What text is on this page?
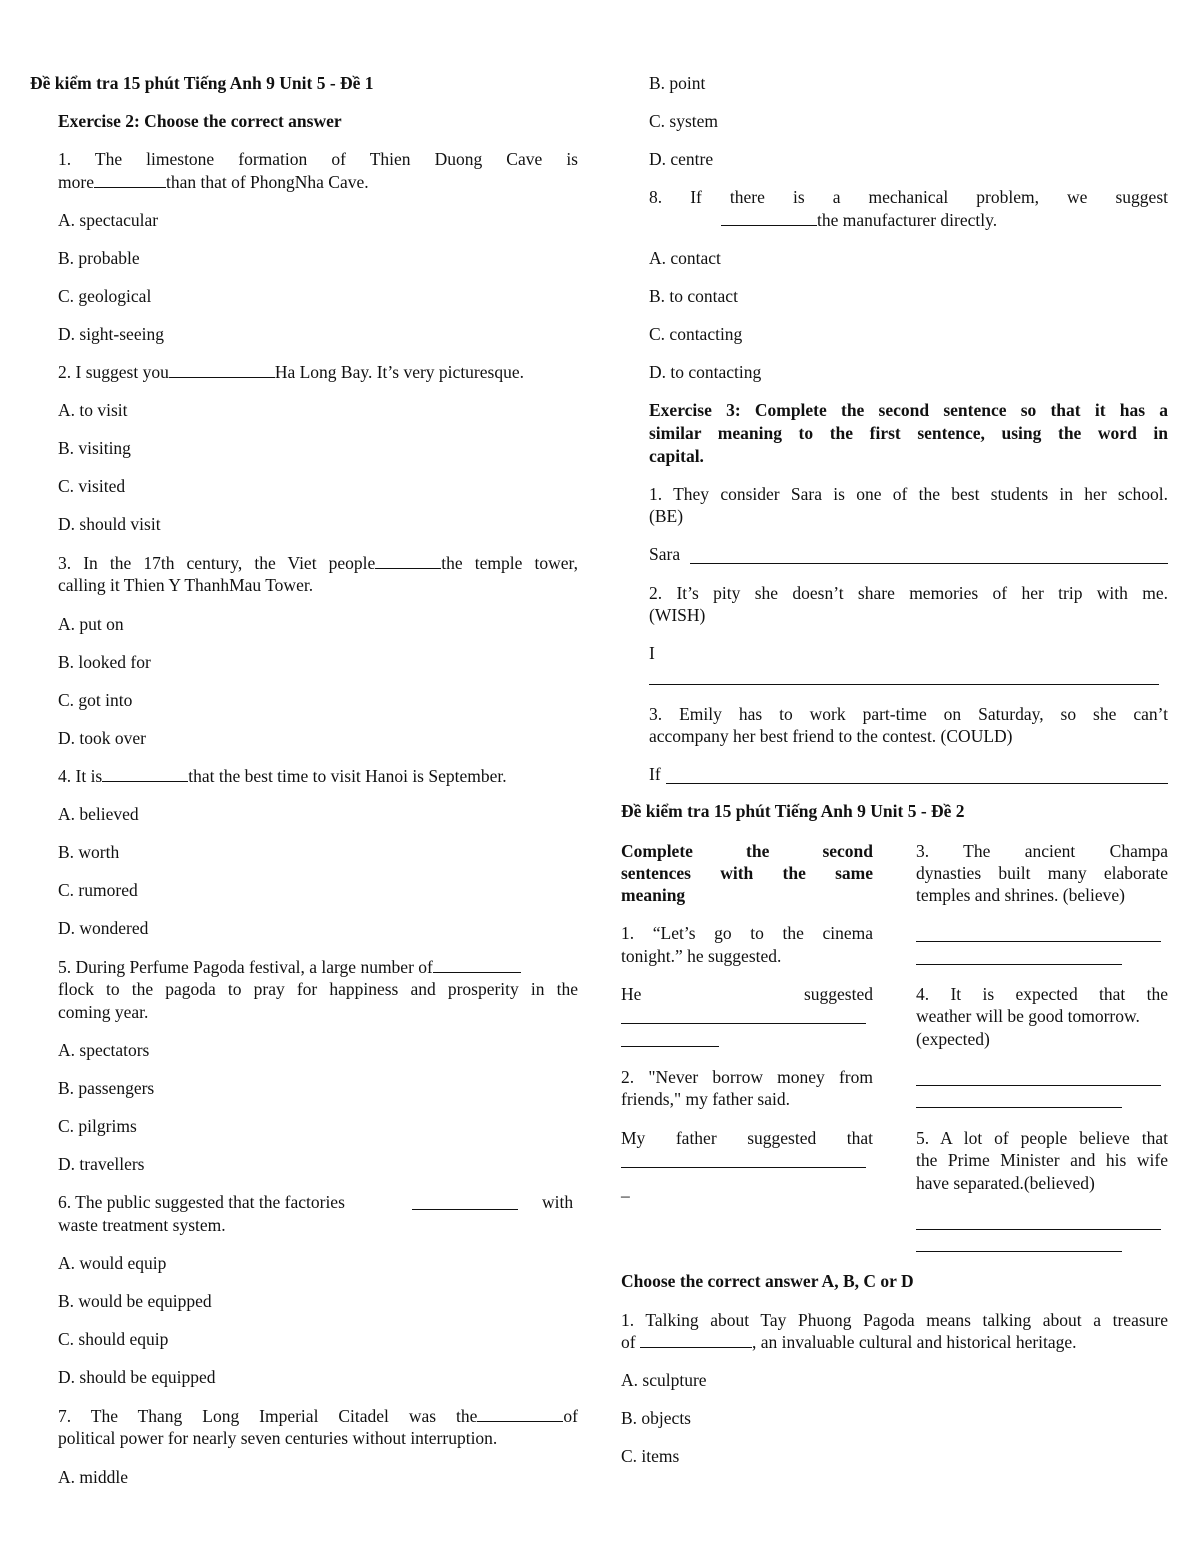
Đề kiểm tra 15 phút Tiếng Anh 9 Unit 5 - Đề 1
Exercise 2: Choose the correct answer
1. The limestone formation of Thien Duong Cave is
more	than that of PhongNha Cave.
A. spectacular
B. probable
C. geological
D. sight-seeing
2. I suggest you	Ha Long Bay. It’s very picturesque.
A. to visit
B. visiting
C. visited
D. should visit
3. In the 17th century, the Viet people	the temple tower,
calling it Thien Y ThanhMau Tower.
A. put on
B. looked for
C. got into
D. took over
4. It is	that the best time to visit Hanoi is September.
A. believed
B. worth
C. rumored
D. wondered
5. During Perfume Pagoda festival, a large number of
flock to the pagoda to pray for happiness and prosperity in the
coming year.
A. spectators
B. passengers
C. pilgrims
D. travellers
6. The public suggested that the factories	with
waste treatment system.
A. would equip
B. would be equipped
C. should equip
D. should be equipped
7. The Thang Long Imperial Citadel was the	of
political power for nearly seven centuries without interruption.
A. middle
B. point
C. system
D. centre
8. If there is a mechanical problem, we suggest
the manufacturer directly.
A. contact
B. to contact
C. contacting
D. to contacting
Exercise 3: Complete the second sentence so that it has a
similar meaning to the first sentence, using the word in
capital.
1. They consider Sara is one of the best students in her school.
(BE)
Sara
2. It’s pity she doesn’t share memories of her trip with me.
(WISH)
I
3. Emily has to work part-time on Saturday, so she can’t
accompany her best friend to the contest. (COULD)
If
Đề kiểm tra 15 phút Tiếng Anh 9 Unit 5 - Đề 2
Complete the second
sentences with the same
meaning
1. “Let’s go to the cinema
tonight.” he suggested.
He suggested
2. "Never borrow money from
friends," my father said.
My father suggested that
_
3. The ancient Champa
dynasties built many elaborate
temples and shrines. (believe)
4. It is expected that the
weather will be good tomorrow.
(expected)
5. A lot of people believe that
the Prime Minister and his wife
have separated.(believed)
Choose the correct answer A, B, C or D
1. Talking about Tay Phuong Pagoda means talking about a treasure
of	, an invaluable cultural and historical heritage.
A. sculpture
B. objects
C. items
